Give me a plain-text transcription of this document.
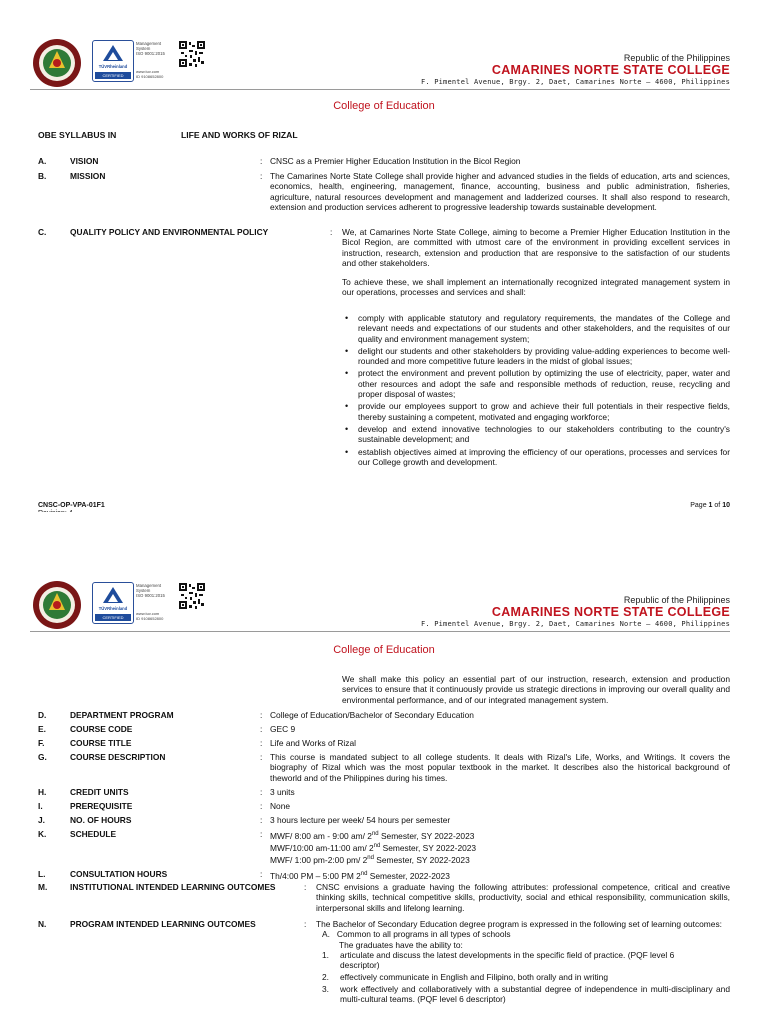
TÜVRheinland
CERTIFIED
Management
System
ISO 9001:2015
www.tuv.com
ID 9108652800
Republic of the Philippines
CAMARINES NORTE STATE COLLEGE
F. Pimentel Avenue, Brgy. 2, Daet, Camarines Norte – 4600, Philippines
College of Education
OBE SYLLABUS IN	LIFE AND WORKS OF RIZAL
A.	VISION	: CNSC as a Premier Higher Education Institution in the Bicol Region
B.	MISSION	: The Camarines Norte State College shall provide higher and advanced studies in the fields of education, arts and sciences, economics, health, engineering, management, finance, accounting, business and public administration, fisheries, agriculture, natural resources development and management and ladderized courses. It shall also respond to research, extension and production services adherent to progressive leadership towards sustainable development.
C.	QUALITY POLICY AND ENVIRONMENTAL POLICY	: We, at Camarines Norte State College, aiming to become a Premier Higher Education Institution in the Bicol Region, are committed with utmost care of the environment in providing excellent services in instruction, research, extension and production that are responsive to the satisfaction of our students and other stakeholders.
To achieve these, we shall implement an internationally recognized integrated management system in our operations, processes and services and shall:
• comply with applicable statutory and regulatory requirements, the mandates of the College and relevant needs and expectations of our students and other stakeholders, and the requisites of our quality and environment management system;
• delight our students and other stakeholders by providing value-adding experiences to become well-rounded and more competitive future leaders in the midst of global issues;
• protect the environment and prevent pollution by optimizing the use of electricity, paper, water and other resources and adopt the safe and responsible methods of reduction, reuse, recycling and proper disposal of wastes;
• provide our employees support to grow and achieve their full potentials in their respective fields, thereby sustaining a competent, motivated and engaging workforce;
• develop and extend innovative technologies to our stakeholders contributing to the country's sustainable development; and
• establish objectives aimed at improving the efficiency of our operations, processes and services for our College growth and development.
CNSC-OP-VPA-01F1	Page 1 of 10
TÜVRheinland
CERTIFIED
Management
System
ISO 9001:2015
www.tuv.com
ID 9108652800
Republic of the Philippines
CAMARINES NORTE STATE COLLEGE
F. Pimentel Avenue, Brgy. 2, Daet, Camarines Norte – 4600, Philippines
College of Education
We shall make this policy an essential part of our instruction, research, extension and production services to ensure that it continuously provide us strategic directions in improving our overall quality and environmental performance, and of our integrated management system.
D.	DEPARTMENT PROGRAM	: College of Education/Bachelor of Secondary Education
E.	COURSE CODE	: GEC 9
F.	COURSE TITLE	: Life and Works of Rizal
G.	COURSE DESCRIPTION	: This course is mandated subject to all college students. It deals with Rizal's Life, Works, and Writings. It covers the biography of Rizal which was the most popular textbook in the market. It describes also the historical background of theworld and of the Philippines during his times.
H.	CREDIT UNITS	: 3 units
I.	PREREQUISITE	: None
J.	NO. OF HOURS	: 3 hours lecture per week/ 54 hours per semester
K.	SCHEDULE	: MWF/ 8:00 am - 9:00 am/ 2nd Semester, SY 2022-2023
MWF/10:00 am-11:00 am/ 2nd Semester, SY 2022-2023
MWF/ 1:00 pm-2:00 pm/ 2nd Semester, SY 2022-2023
L.	CONSULTATION HOURS	: Th/4:00 PM – 5:00 PM 2nd Semester, 2022-2023
M.	INSTITUTIONAL INTENDED LEARNING OUTCOMES	: CNSC envisions a graduate having the following attributes: professional competence, critical and creative thinking skills, technical competitive skills, productivity, social and ethical responsibility, communication skills, interpersonal skills and lifelong learning.
N.	PROGRAM INTENDED LEARNING OUTCOMES	: The Bachelor of Secondary Education degree program is expressed in the following set of learning outcomes:
A. Common to all programs in all types of schools
The graduates have the ability to:
1. articulate and discuss the latest developments in the specific field of practice. (PQF level 6 descriptor)
2. effectively communicate in English and Filipino, both orally and in writing
3. work effectively and collaboratively with a substantial degree of independence in multi-disciplinary and multi-cultural teams. (PQF level 6 descriptor)
